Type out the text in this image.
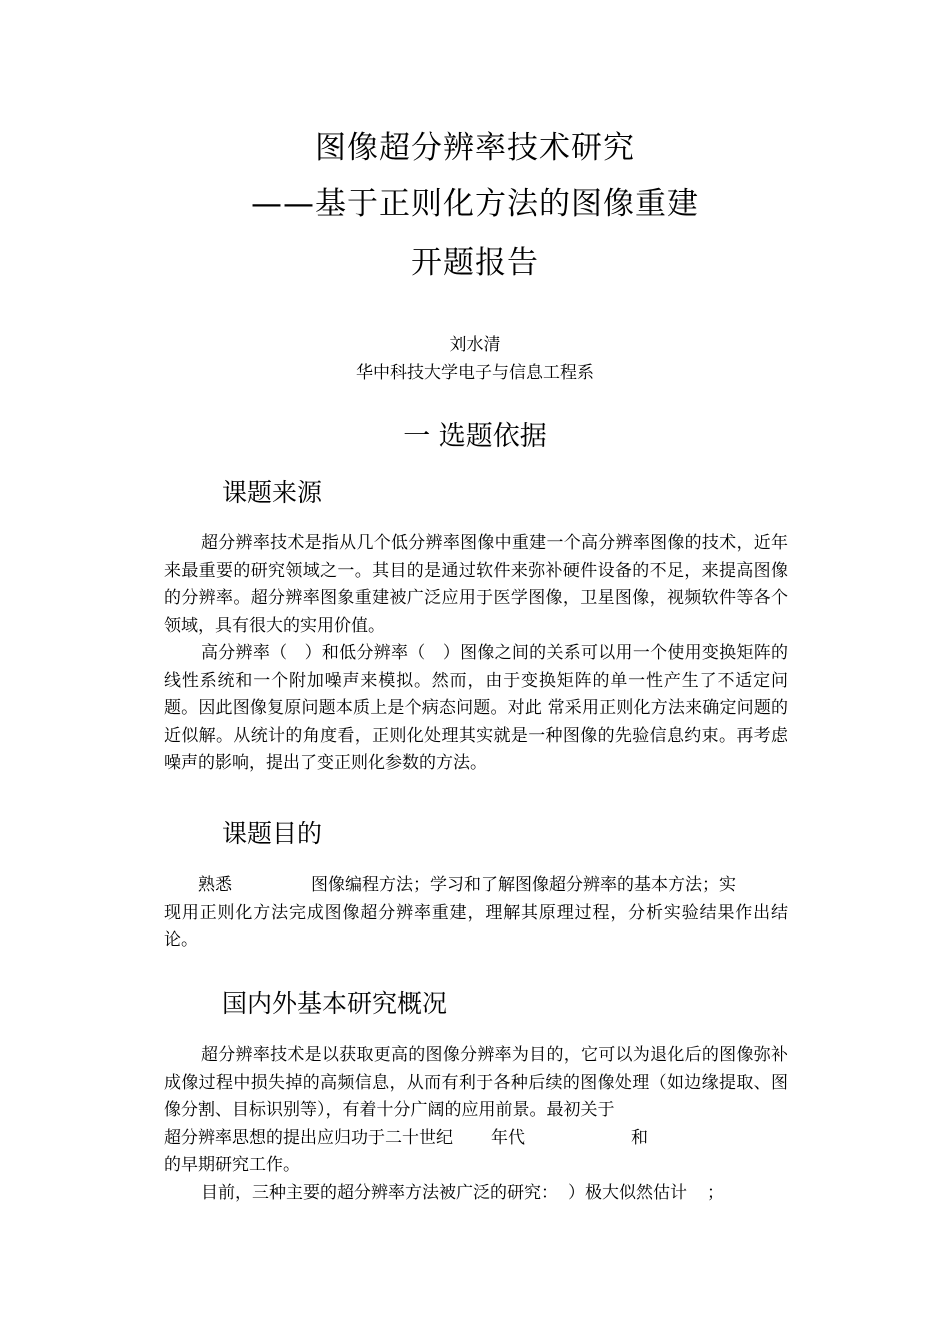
图像超分辨率技术研究
——基于正则化方法的图像重建
开题报告
刘水清
华中科技大学电子与信息工程系
一 选题依据
课题来源

超分辨率技术是指从几个低分辨率图像中重建一个高分辨率图像的技术，近年来最重要的研究领域之一。其目的是通过软件来弥补硬件设备的不足，来提高图像的分辨率。超分辨率图象重建被广泛应用于医学图像，卫星图像，视频软件等各个领域，具有很大的实用价值。

高分辨率（　）和低分辨率（　）图像之间的关系可以用一个使用变换矩阵的线性系统和一个附加噪声来模拟。然而，由于变换矩阵的单一性产生了不适定问题。因此图像复原问题本质上是个病态问题。对此 常采用正则化方法来确定问题的近似解。从统计的角度看，正则化处理其实就是一种图像的先验信息约束。再考虑噪声的影响，提出了变正则化参数的方法。

课题目的
熟悉	图像编程方法；学习和了解图像超分辨率的基本方法；实
现用正则化方法完成图像超分辨率重建，理解其原理过程，分析实验结果作出结论。
国内外基本研究概况

超分辨率技术是以获取更高的图像分辨率为目的，它可以为退化后的图像弥补成像过程中损失掉的高频信息，从而有利于各种后续的图像处理（如边缘提取、图像分割、目标识别等），有着十分广阔的应用前景。最初关于

超分辨率思想的提出应归功于二十世纪 年代	和
的早期研究工作。
目前，三种主要的超分辨率方法被广泛的研究： ）极大似然估计 ；
